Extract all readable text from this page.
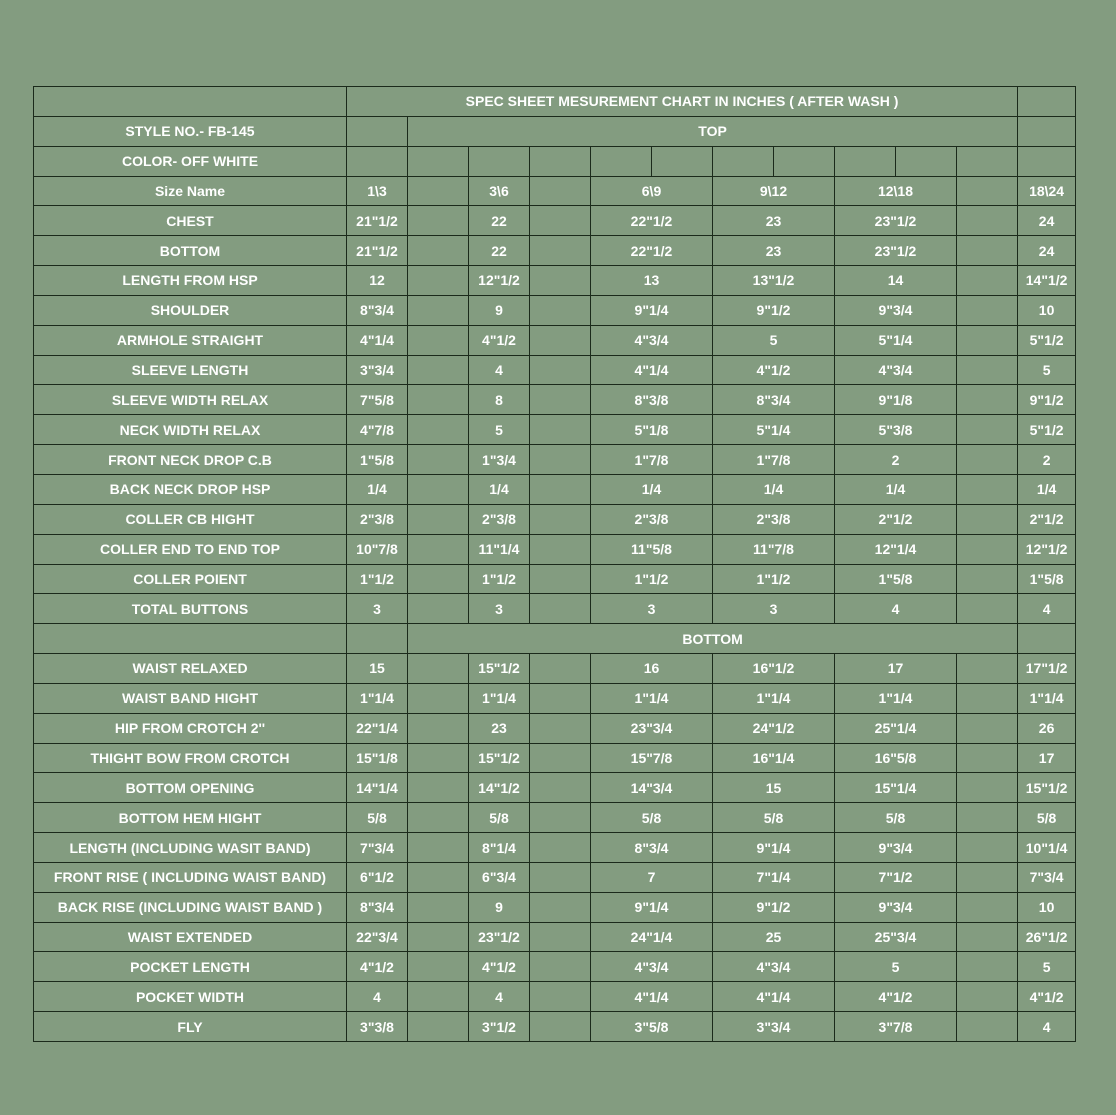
	SPEC SHEET MESUREMENT CHART IN INCHES ( AFTER WASH )												
STYLE NO.- FB-145		TOP											
COLOR- OFF WHITE													
Size Name	1\3		3\6		6\9		9\12		12\18			18\24	
CHEST	21"1/2		22		22"1/2		23		23"1/2			24	
BOTTOM	21"1/2		22		22"1/2		23		23"1/2			24	
LENGTH FROM HSP	12		12"1/2		13		13"1/2		14			14"1/2	
SHOULDER	8"3/4		9		9"1/4		9"1/2		9"3/4			10	
ARMHOLE STRAIGHT	4"1/4		4"1/2		4"3/4		5		5"1/4			5"1/2	
SLEEVE LENGTH	3"3/4		4		4"1/4		4"1/2		4"3/4			5	
SLEEVE WIDTH RELAX	7"5/8		8		8"3/8		8"3/4		9"1/8			9"1/2	
NECK WIDTH RELAX	4"7/8		5		5"1/8		5"1/4		5"3/8			5"1/2	
FRONT NECK DROP C.B	1"5/8		1"3/4		1"7/8		1"7/8		2			2	
BACK NECK DROP HSP	1/4		1/4		1/4		1/4		1/4			1/4	
COLLER CB HIGHT	2"3/8		2"3/8		2"3/8		2"3/8		2"1/2			2"1/2	
COLLER END TO END TOP	10"7/8		11"1/4		11"5/8		11"7/8		12"1/4			12"1/2	
COLLER POIENT	1"1/2		1"1/2		1"1/2		1"1/2		1"5/8			1"5/8	
TOTAL BUTTONS	3		3		3		3		4			4	
		BOTTOM											
WAIST RELAXED	15		15"1/2		16		16"1/2		17			17"1/2	
WAIST BAND HIGHT	1"1/4		1"1/4		1"1/4		1"1/4		1"1/4			1"1/4	
HIP FROM CROTCH 2''	22"1/4		23		23"3/4		24"1/2		25"1/4			26	
THIGHT BOW FROM CROTCH	15"1/8		15"1/2		15"7/8		16"1/4		16"5/8			17	
BOTTOM OPENING	14"1/4		14"1/2		14"3/4		15		15"1/4			15"1/2	
BOTTOM HEM HIGHT	5/8		5/8		5/8		5/8		5/8			5/8	
LENGTH (INCLUDING WASIT BAND)	7"3/4		8"1/4		8"3/4		9"1/4		9"3/4			10"1/4	
FRONT RISE ( INCLUDING WAIST BAND)	6"1/2		6"3/4		7		7"1/4		7"1/2			7"3/4	
BACK RISE (INCLUDING WAIST BAND )	8"3/4		9		9"1/4		9"1/2		9"3/4			10	
WAIST EXTENDED	22"3/4		23"1/2		24"1/4		25		25"3/4			26"1/2	
POCKET LENGTH	4"1/2		4"1/2		4"3/4		4"3/4		5			5	
POCKET WIDTH	4		4		4"1/4		4"1/4		4"1/2			4"1/2	
FLY	3"3/8		3"1/2		3"5/8		3"3/4		3"7/8			4	
